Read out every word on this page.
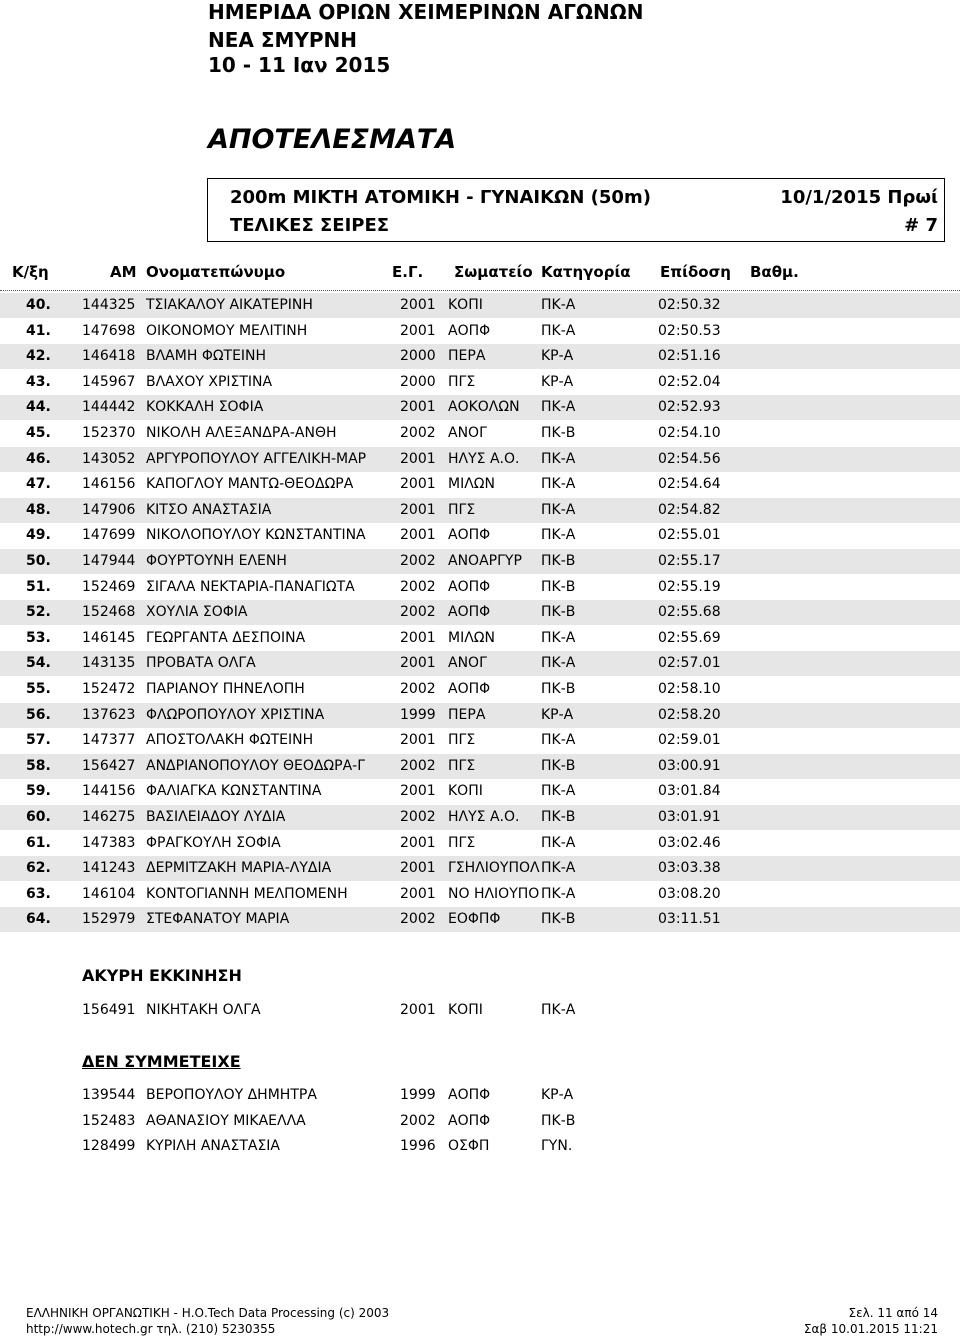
ΗΜΕΡΙΔΑ ΟΡΙΩΝ ΧΕΙΜΕΡΙΝΩΝ ΑΓΩΝΩΝ
ΝΕΑ ΣΜΥΡΝΗ
10 - 11 Ιαν 2015
ΑΠΟΤΕΛΕΣΜΑΤΑ
200m ΜΙΚΤΗ ΑΤΟΜΙΚΗ - ΓΥΝΑΙΚΩΝ (50m)
ΤΕΛΙΚΕΣ ΣΕΙΡΕΣ
10/1/2015 Πρωί
# 7
Κ/ξη	ΑΜ Ονοματεπώνυμο	Ε.Γ. Σωματείο Κατηγορία Επίδοση Βαθμ.
40. 144325 ΤΣΙΑΚΑΛΟΥ ΑΙΚΑΤΕΡΙΝΗ	2001 ΚΟΠΙ	ΠΚ-Α	02:50.32
41. 147698 ΟΙΚΟΝΟΜΟΥ ΜΕΛΙΤΙΝΗ	2001 ΑΟΠΦ	ΠΚ-Α	02:50.53
42. 146418 ΒΛΑΜΗ ΦΩΤΕΙΝΗ	2000 ΠΕΡΑ	ΚΡ-Α	02:51.16
43. 145967 ΒΛΑΧΟΥ ΧΡΙΣΤΙΝΑ	2000 ΠΓΣ	ΚΡ-Α	02:52.04
44. 144442 ΚΟΚΚΑΛΗ ΣΟΦΙΑ	2001 ΑΟΚΟΛΩΝ ΠΚ-Α	02:52.93
45. 152370 ΝΙΚΟΛΗ ΑΛΕΞΑΝΔΡΑ-ΑΝΘΗ	2002 ΑΝΟΓ	ΠΚ-Β	02:54.10
46. 143052 ΑΡΓΥΡΟΠΟΥΛΟΥ ΑΓΓΕΛΙΚΗ-ΜΑΡ 2001 ΗΛΥΣ Α.Ο. ΠΚ-Α	02:54.56
47. 146156 ΚΑΠΟΓΛΟΥ ΜΑΝΤΩ-ΘΕΟΔΩΡΑ	2001 ΜΙΛΩΝ	ΠΚ-Α	02:54.64
48. 147906 ΚΙΤΣΟ ΑΝΑΣΤΑΣΙΑ	2001 ΠΓΣ	ΠΚ-Α	02:54.82
49. 147699 ΝΙΚΟΛΟΠΟΥΛΟΥ ΚΩΝΣΤΑΝΤΙΝΑ 2001 ΑΟΠΦ	ΠΚ-Α	02:55.01
50. 147944 ΦΟΥΡΤΟΥΝΗ ΕΛΕΝΗ	2002 ΑΝΟΑΡΓΥΡ ΠΚ-Β	02:55.17
51. 152469 ΣΙΓΑΛΑ ΝΕΚΤΑΡΙΑ-ΠΑΝΑΓΙΩΤΑ	2002 ΑΟΠΦ	ΠΚ-Β	02:55.19
52. 152468 ΧΟΥΛΙΑ ΣΟΦΙΑ	2002 ΑΟΠΦ	ΠΚ-Β	02:55.68
53. 146145 ΓΕΩΡΓΑΝΤΑ ΔΕΣΠΟΙΝΑ	2001 ΜΙΛΩΝ	ΠΚ-Α	02:55.69
54. 143135 ΠΡΟΒΑΤΑ ΟΛΓΑ	2001 ΑΝΟΓ	ΠΚ-Α	02:57.01
55. 152472 ΠΑΡΙΑΝΟΥ ΠΗΝΕΛΟΠΗ	2002 ΑΟΠΦ	ΠΚ-Β	02:58.10
56. 137623 ΦΛΩΡΟΠΟΥΛΟΥ ΧΡΙΣΤΙΝΑ	1999 ΠΕΡΑ	ΚΡ-Α	02:58.20
57. 147377 ΑΠΟΣΤΟΛΑΚΗ ΦΩΤΕΙΝΗ	2001 ΠΓΣ	ΠΚ-Α	02:59.01
58. 156427 ΑΝΔΡΙΑΝΟΠΟΥΛΟΥ ΘΕΟΔΩΡΑ-Γ	2002 ΠΓΣ	ΠΚ-Β	03:00.91
59. 144156 ΦΑΛΙΑΓΚΑ ΚΩΝΣΤΑΝΤΙΝΑ	2001 ΚΟΠΙ	ΠΚ-Α	03:01.84
60. 146275 ΒΑΣΙΛΕΙΑΔΟΥ ΛΥΔΙΑ	2002 ΗΛΥΣ Α.Ο. ΠΚ-Β	03:01.91
61. 147383 ΦΡΑΓΚΟΥΛΗ ΣΟΦΙΑ	2001 ΠΓΣ	ΠΚ-Α	03:02.46
62. 141243 ΔΕΡΜΙΤΖΑΚΗ ΜΑΡΙΑ-ΛΥΔΙΑ	2001 ΓΣΗΛΙΟΥΠΟΛ ΠΚ-Α	03:03.38
63. 146104 ΚΟΝΤΟΓΙΑΝΝΗ ΜΕΛΠΟΜΕΝΗ	2001 ΝΟ ΗΛΙΟΥΠΟ ΠΚ-Α	03:08.20
64. 152979 ΣΤΕΦΑΝΑΤΟΥ ΜΑΡΙΑ	2002 ΕΟΦΠΦ	ΠΚ-Β	03:11.51
ΑΚΥΡΗ ΕΚΚΙΝΗΣΗ
156491 ΝΙΚΗΤΑΚΗ ΟΛΓΑ	2001 ΚΟΠΙ	ΠΚ-Α
ΔΕΝ ΣΥΜΜΕΤΕΙΧΕ
139544 ΒΕΡΟΠΟΥΛΟΥ ΔΗΜΗΤΡΑ	1999 ΑΟΠΦ	ΚΡ-Α
152483 ΑΘΑΝΑΣΙΟΥ ΜΙΚΑΕΛΛΑ	2002 ΑΟΠΦ	ΠΚ-Β
128499 ΚΥΡΙΛΗ ΑΝΑΣΤΑΣΙΑ	1996 ΟΣΦΠ	ΓΥΝ.
ΕΛΛΗΝΙΚΗ ΟΡΓΑΝΩΤΙΚΗ - Η.Ο.Tech Data Processing (c) 2003
http://www.hotech.gr τηλ. (210) 5230355
Σελ. 11 από 14
Σαβ 10.01.2015 11:21
